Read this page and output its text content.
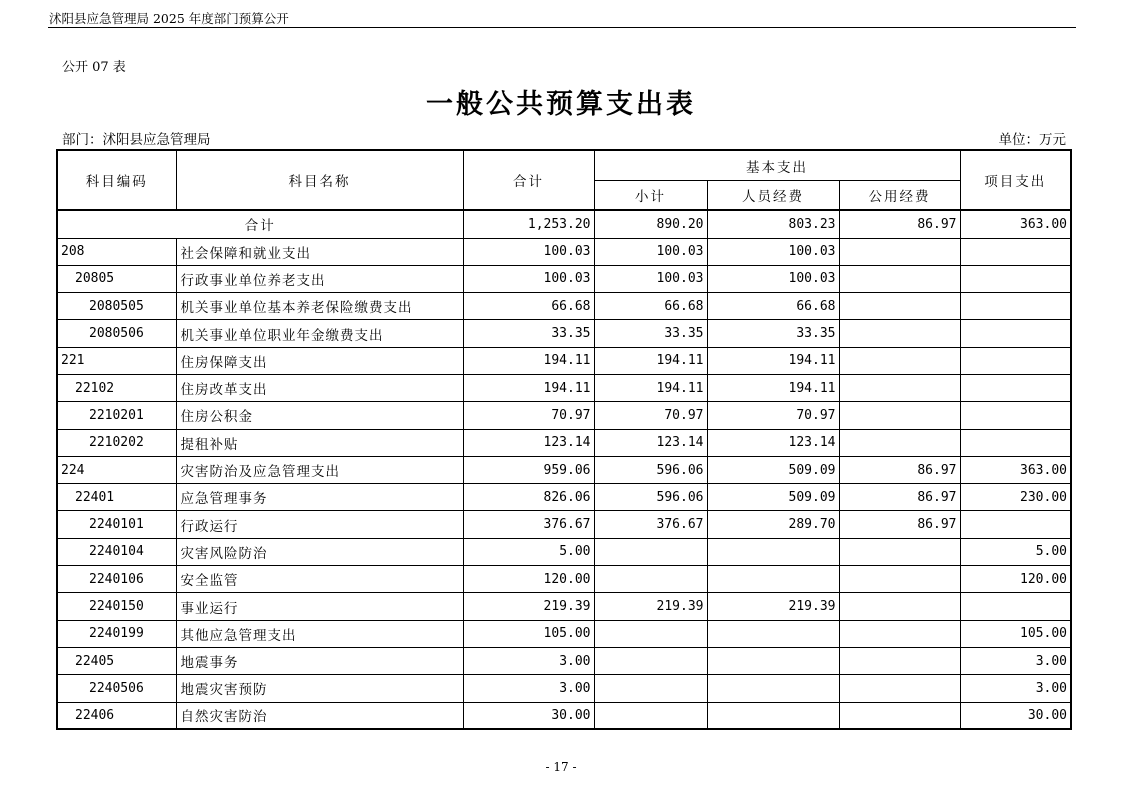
沭阳县应急管理局 2025 年度部门预算公开
公开 07 表
一般公共预算支出表
部门：沭阳县应急管理局	单位：万元
科目编码	科目名称	合计	基本支出			项目支出
			小计	人员经费	公用经费	
合计		1,253.20	890.20	803.23	86.97	363.00
208	社会保障和就业支出	100.03	100.03	100.03		
20805	行政事业单位养老支出	100.03	100.03	100.03		
2080505	机关事业单位基本养老保险缴费支出	66.68	66.68	66.68		
2080506	机关事业单位职业年金缴费支出	33.35	33.35	33.35		
221	住房保障支出	194.11	194.11	194.11		
22102	住房改革支出	194.11	194.11	194.11		
2210201	住房公积金	70.97	70.97	70.97		
2210202	提租补贴	123.14	123.14	123.14		
224	灾害防治及应急管理支出	959.06	596.06	509.09	86.97	363.00
22401	应急管理事务	826.06	596.06	509.09	86.97	230.00
2240101	行政运行	376.67	376.67	289.70	86.97	
2240104	灾害风险防治	5.00				5.00
2240106	安全监管	120.00				120.00
2240150	事业运行	219.39	219.39	219.39		
2240199	其他应急管理支出	105.00				105.00
22405	地震事务	3.00				3.00
2240506	地震灾害预防	3.00				3.00
22406	自然灾害防治	30.00				30.00
- 17 -
